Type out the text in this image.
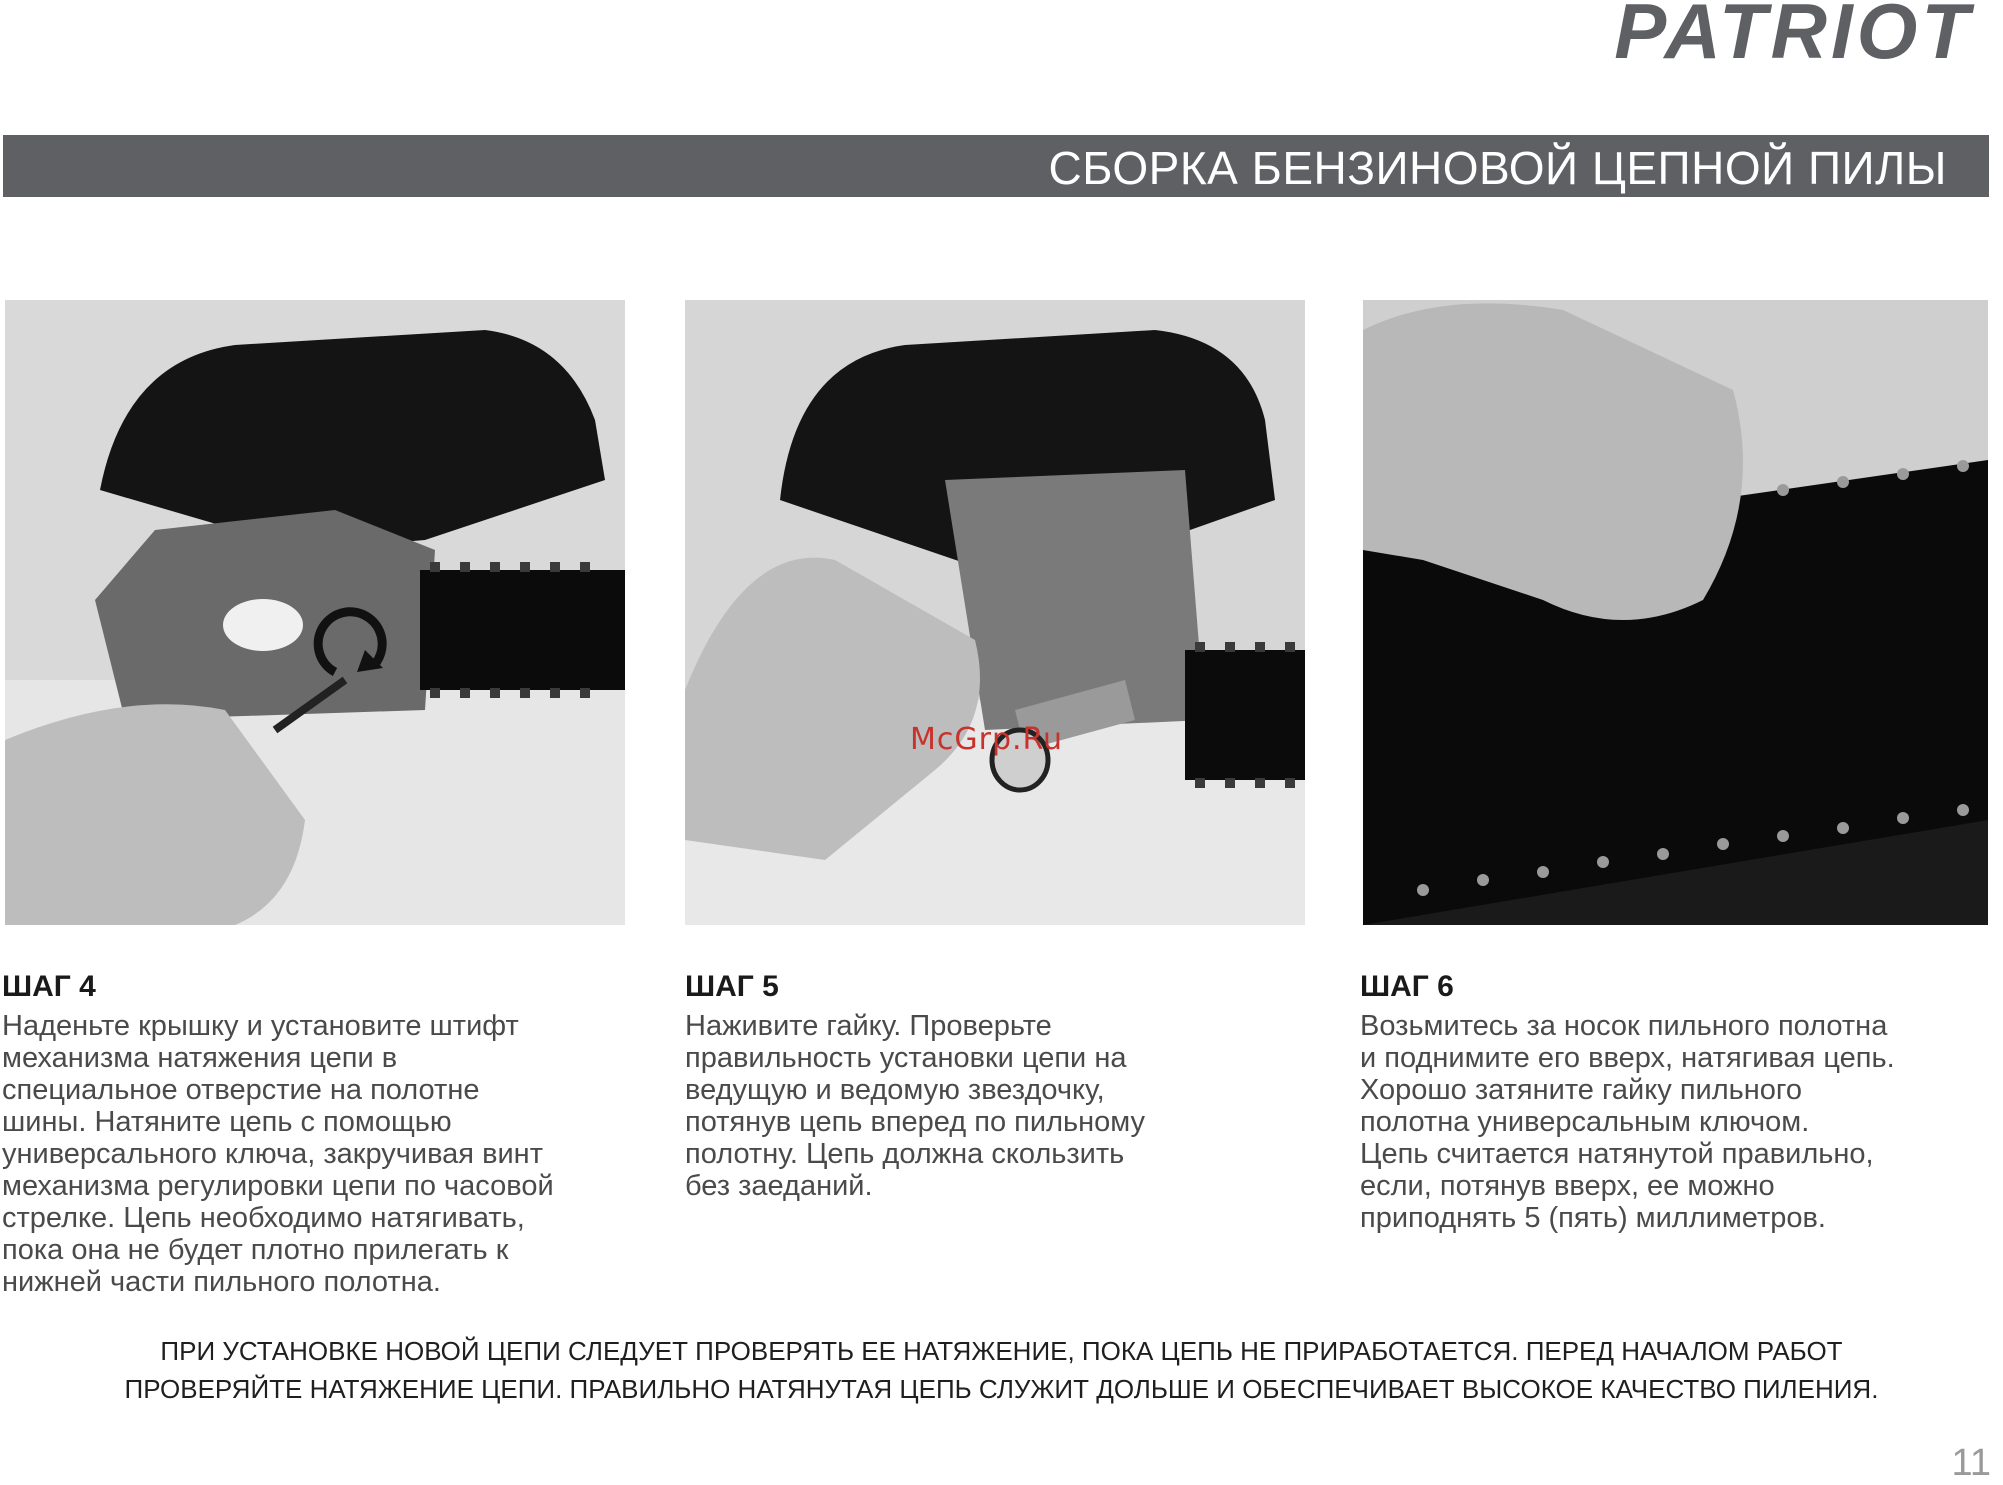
PATRIOT
СБОРКА БЕНЗИНОВОЙ ЦЕПНОЙ ПИЛЫ
McGrp.Ru
ШАГ 4

Наденьте крышку и установите штифт
механизма натяжения цепи в
специальное отверстие на полотне
шины. Натяните цепь с помощью
универсального ключа, закручивая винт
механизма регулировки цепи по часовой
стрелке. Цепь необходимо натягивать,
пока она не будет плотно прилегать к
нижней части пильного полотна.

ШАГ 5

Наживите гайку. Проверьте
правильность установки цепи на
ведущую и ведомую звездочку,
потянув цепь вперед по пильному
полотну. Цепь должна скользить
без заеданий.

ШАГ 6

Возьмитесь за носок пильного полотна
и поднимите его вверх, натягивая цепь.
Хорошо затяните гайку пильного
полотна универсальным ключом.
Цепь считается натянутой правильно,
если, потянув вверх, ее можно
приподнять 5 (пять) миллиметров.

ПРИ УСТАНОВКЕ НОВОЙ ЦЕПИ СЛЕДУЕТ ПРОВЕРЯТЬ ЕЕ НАТЯЖЕНИЕ, ПОКА ЦЕПЬ НЕ ПРИРАБОТАЕТСЯ. ПЕРЕД НАЧАЛОМ РАБОТ
ПРОВЕРЯЙТЕ НАТЯЖЕНИЕ ЦЕПИ. ПРАВИЛЬНО НАТЯНУТАЯ ЦЕПЬ СЛУЖИТ ДОЛЬШЕ И ОБЕСПЕЧИВАЕТ ВЫСОКОЕ КАЧЕСТВО ПИЛЕНИЯ.
11
